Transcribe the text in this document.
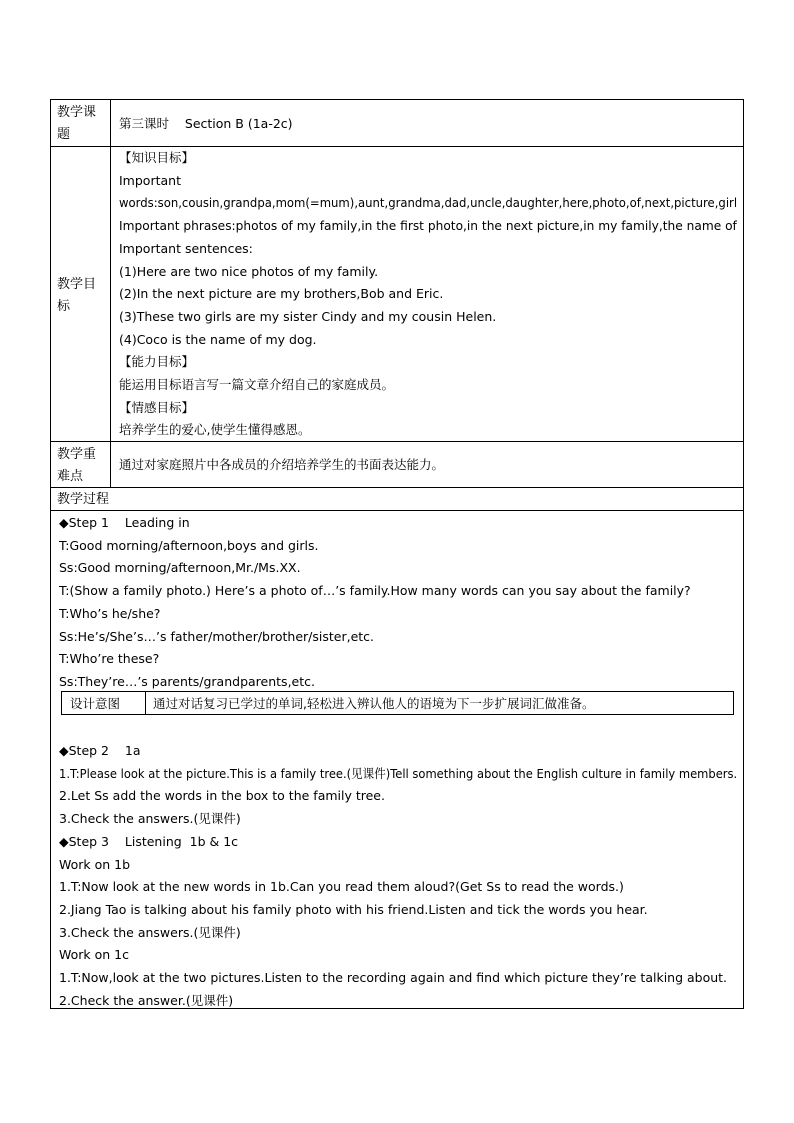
教学课
题
第三课时    Section B (1a-2c)
教学目
标
【知识目标】
Important
words:son,cousin,grandpa,mom(=mum),aunt,grandma,dad,uncle,daughter,here,photo,of,next,picture,girl
Important phrases:photos of my family,in the first photo,in the next picture,in my family,the name of
Important sentences:
(1)Here are two nice photos of my family.
(2)In the next picture are my brothers,Bob and Eric.
(3)These two girls are my sister Cindy and my cousin Helen.
(4)Coco is the name of my dog.
【能力目标】
能运用目标语言写一篇文章介绍自己的家庭成员。
【情感目标】
培养学生的爱心,使学生懂得感恩。
教学重
难点
通过对家庭照片中各成员的介绍培养学生的书面表达能力。
教学过程
◆Step 1    Leading in
T:Good morning/afternoon,boys and girls.
Ss:Good morning/afternoon,Mr./Ms.XX.
T:(Show a family photo.) Here’s a photo of…’s family.How many words can you say about the family?
T:Who’s he/she?
Ss:He’s/She’s…’s father/mother/brother/sister,etc.
T:Who’re these?
Ss:They’re…’s parents/grandparents,etc.
设计意图	通过对话复习已学过的单词,轻松进入辨认他人的语境为下一步扩展词汇做准备。
◆Step 2    1a
1.T:Please look at the picture.This is a family tree.(见课件)Tell something about the English culture in family members.
2.Let Ss add the words in the box to the family tree.
3.Check the answers.(见课件)
◆Step 3    Listening  1b & 1c
Work on 1b
1.T:Now look at the new words in 1b.Can you read them aloud?(Get Ss to read the words.)
2.Jiang Tao is talking about his family photo with his friend.Listen and tick the words you hear.
3.Check the answers.(见课件)
Work on 1c
1.T:Now,look at the two pictures.Listen to the recording again and find which picture they’re talking about.
2.Check the answer.(见课件)
